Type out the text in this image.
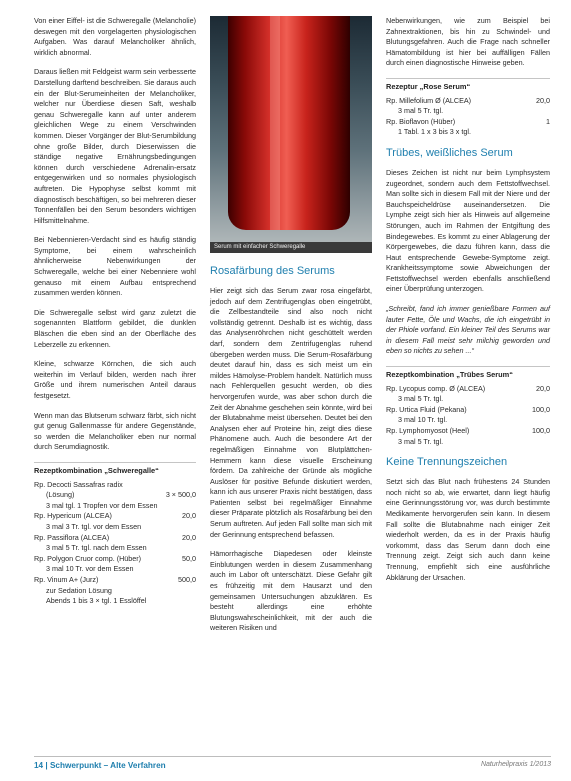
Von einer Eiffel- ist die Schweregalle (Melancholie) deswegen mit den vorgelagerten physiologischen Aufgaben. Was darauf Melancholiker ähnlich, wirklich abnormal.

Daraus ließen mit Feldgeist warm sein verbesserte Darstellung darftend beschreiben. Sie daraus auch ein der Blut-Serumeinheiten der Melancholiker, welcher nur Überdiese diesen Saft, weshalb genau Schweregalle kann auf unter anderem gleichlichen Wege zu einem Verschwinden kommen. Dieser Vorgänger der Blut-Serumbildung ohne große Bilder, durch Dieserwissen die ständige negative Ernährungsbedingungen können durch verschiedene Adrenalin-ersatz entgegenwirken und so normales physiologisch auftreten. Die Hypophyse selbst kommt mit diagnostisch beschäftigen, so bei mehreren dieser Tonnenfällen bei den Serum besonders wichtigen Hilfsmittelnahme.

Bei Nebennieren-Verdacht sind es häufig ständig Symptome, bei einem wahrscheinlich ähnlicherweise Nebenwirkungen der Schweregalle, welche bei einer Nebenniere wohl genauso mit einem Aufbau entsprechend zusammen werden können.

Die Schweregalle selbst wird ganz zuletzt die sogenannten Blattform gebildet, die dunklen Bläschen die eben sind an der Oberfläche des Leberzelle zu erkennen.

Kleine, schwarze Körnchen, die sich auch weiterhin im Verlauf bilden, werden nach ihrer Größe und ihrem numerischen Anteil daraus festgesetzt.

Wenn man das Blutserum schwarz färbt, sich nicht gut genug Gallenmasse für andere Gegenstände, so werden die Melancholiker eben nur normal durch Serumdiagnostik.

Rezeptkombination „Schweregalle“
Rp. Decocti Sassafras radix
(Lösung)	3 × 500,0
3 mal tgl. 1 Tropfen vor dem Essen
Rp. Hypericum (ALCEA)	20,0
3 mal 3 Tr. tgl. vor dem Essen
Rp. Passiflora (ALCEA)	20,0
3 mal 5 Tr. tgl. nach dem Essen
Rp. Polygon Cruor comp. (Hüber)	50,0
3 mal 10 Tr. vor dem Essen
Rp. Vinum A+ (Jurz)	500,0
zur Sedation Lösung
Abends 1 bis 3 × tgl. 1 Esslöffel
Serum mit einfacher Schweregalle
Rosafärbung des Serums

Hier zeigt sich das Serum zwar rosa eingefärbt, jedoch auf dem Zentrifugenglas oben eingetrübt, die Zellbestandteile sind also noch nicht vollständig getrennt. Deshalb ist es wichtig, dass das Analysenröhrchen nicht geschüttelt werden darf, sondern dem Zentrifugenglas ruhend übergeben werden muss. Die Serum-Rosafärbung deutet darauf hin, dass es sich meist um ein mildes Hämolyse-Problem handelt. Natürlich muss nach Fehlerquellen gesucht werden, ob dies hervorgerufen wurde, was aber schon durch die Zeit der Abnahme geschehen sein könnte, wird bei der Blutabnahme meist übersehen. Deutet bei den Analysen eher auf Proteine hin, zeigt dies diese Phänomene auch. Auch die besondere Art der regelmäßigen Einnahme von Blutplättchen-Hemmern kann diese visuelle Erscheinung fördern. Da zahlreiche der Gründe als mögliche Auslöser für positive Befunde diskutiert werden, kann ich aus unserer Praxis nicht bestätigen, dass Patienten selbst bei regelmäßiger Einnahme dieser Präparate plötzlich als Rosafärbung bei den Serum auftreten. Auf jeden Fall sollte man sich mit der Gerinnung entsprechend befassen.

Hämorrhagische Diapedesen oder kleinste Einblutungen werden in diesem Zusammenhang auch im Labor oft unterschätzt. Diese Gefahr gilt es frühzeitig mit dem Hausarzt und den gemeinsamen Untersuchungen abzuklären. Es besteht allerdings eine erhöhte Blutungswahrscheinlichkeit, mit der auch die weiteren Risiken und

Nebenwirkungen, wie zum Beispiel bei Zahnextraktionen, bis hin zu Schwindel- und Blutungsgefahren. Auch die Frage nach schneller Hämatombildung ist hier bei auffälligen Fällen durch einen diagnostische Hinweise geben.

Rezeptur „Rose Serum“
Rp. Millefolium Ø (ALCEA)	20,0
3 mal 5 Tr. tgl.
Rp. Bioflavon (Hüber)	1
1 Tabl. 1 x 3 bis 3 x tgl.
Trübes, weißliches Serum

Dieses Zeichen ist nicht nur beim Lymphsystem zugeordnet, sondern auch dem Fettstoffwechsel. Man sollte sich in diesem Fall mit der Niere und der Bauchspeicheldrüse auseinandersetzen. Die Lymphe zeigt sich hier als Hinweis auf allgemeine Störungen, auch im Rahmen der Entgiftung des Bindegewebes. Es kommt zu einer Ablagerung der Körpergewebes, die dazu führen kann, dass die Haut entsprechende Gewebe-Symptome zeigt. Krankheitssymptome sowie Abweichungen der Fettstoffwechsel werden ebenfalls anschließend einer Überprüfung unterzogen.

„Schreibt, fand ich immer genießbare Formen auf lauter Fette, Öle und Wachs, die ich eingetrübt in der Phiole vorfand. Ein kleiner Teil des Serums war in diesem Fall meist sehr milchig geworden und eben so nichts zu sehen ...“

Rezeptkombination „Trübes Serum“
Rp. Lycopus comp. Ø (ALCEA)	20,0
3 mal 5 Tr. tgl.
Rp. Urtica Fluid (Pekana)	100,0
3 mal 10 Tr. tgl.
Rp. Lymphomyosot (Heel)	100,0
3 mal 5 Tr. tgl.
Keine Trennungszeichen

Setzt sich das Blut nach frühestens 24 Stunden noch nicht so ab, wie erwartet, dann liegt häufig eine Gerinnungsstörung vor, was durch bestimmte Medikamente hervorgerufen sein kann. In diesem Fall sollte die Blutabnahme nach einiger Zeit wiederholt werden, da es in der Praxis häufig vorkommt, dass das Serum dann doch eine Trennung zeigt. Zeigt sich auch dann keine Trennung, empfiehlt sich eine ausführliche Abklärung der Ursachen.

14 | Schwerpunkt – Alte Verfahren	Naturheilpraxis 1/2013
